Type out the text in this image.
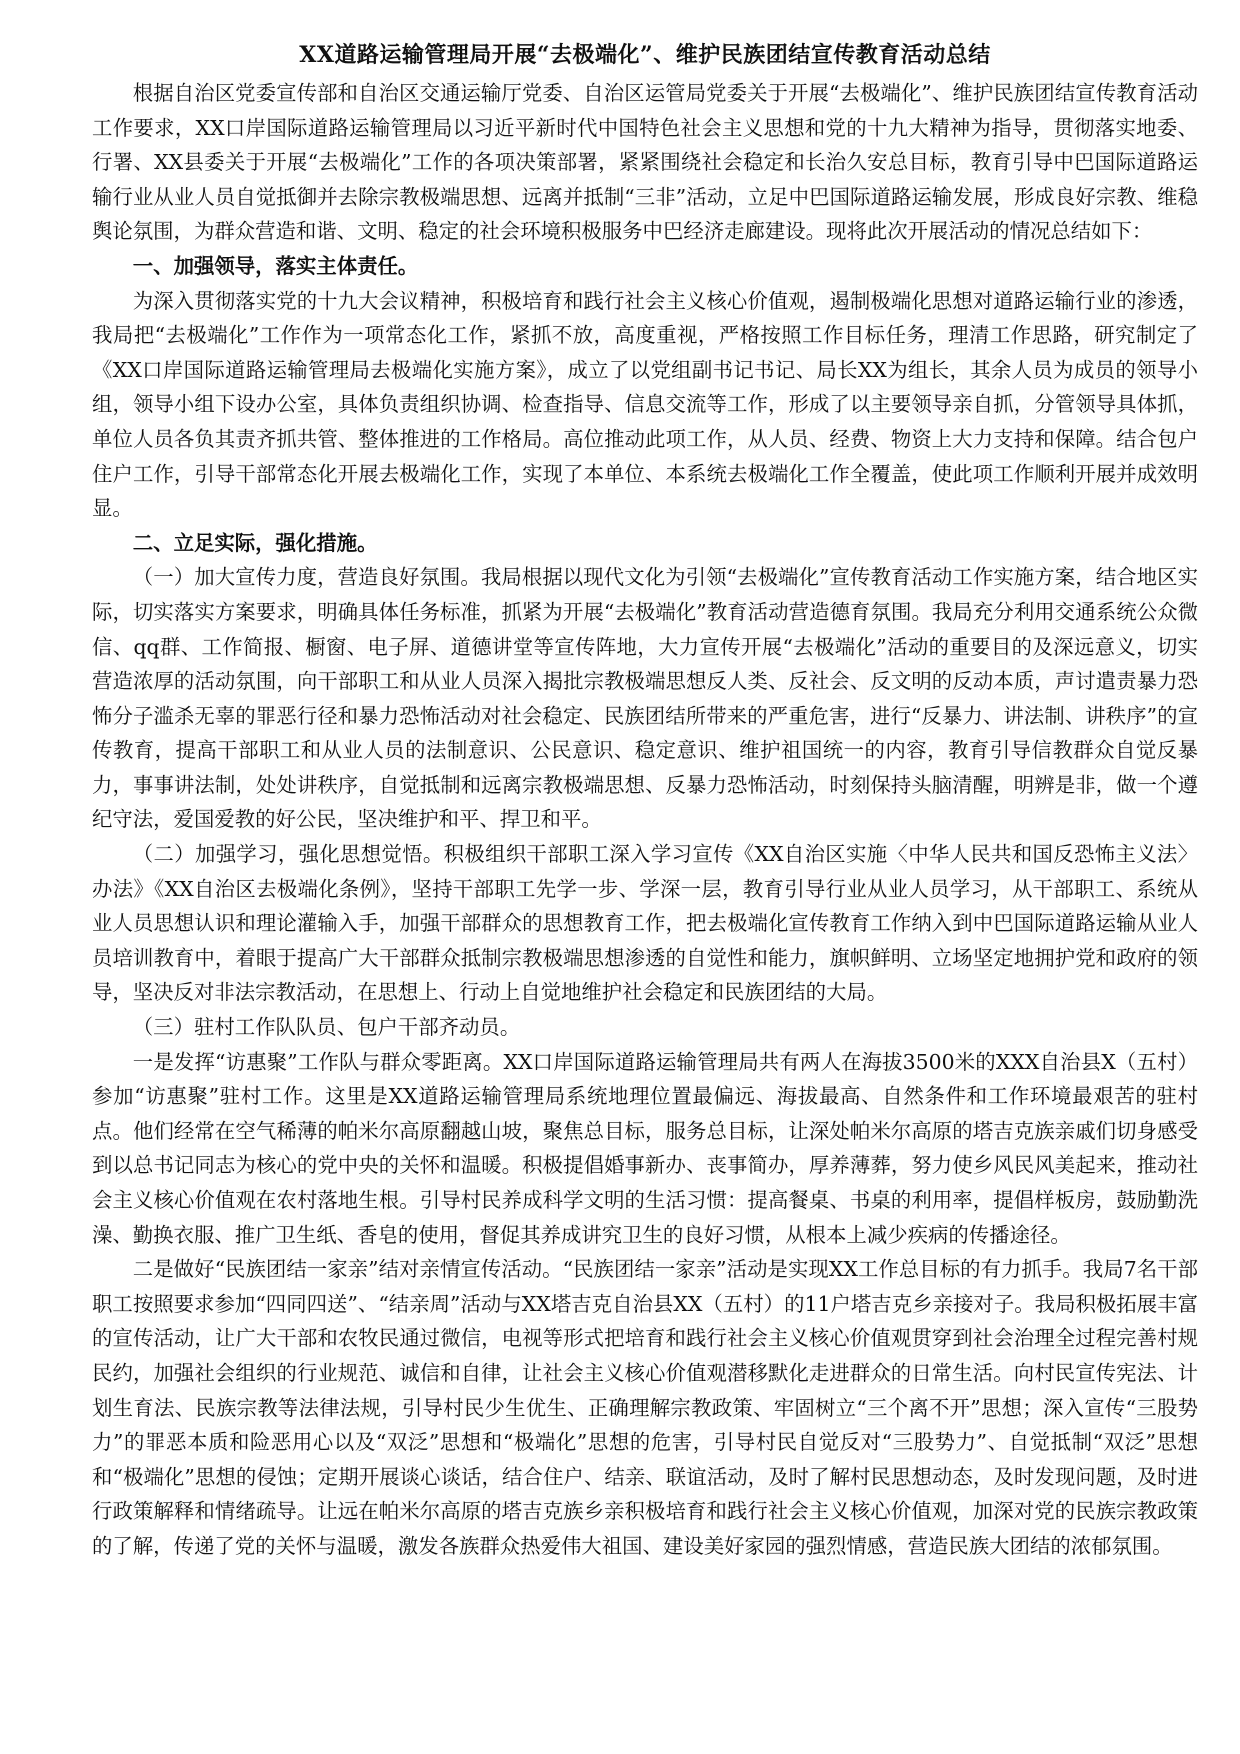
XX道路运输管理局开展“去极端化”、维护民族团结宣传教育活动总结

根据自治区党委宣传部和自治区交通运输厅党委、自治区运管局党委关于开展“去极端化”、维护民族团结宣传教育活动工作要求，XX口岸国际道路运输管理局以习近平新时代中国特色社会主义思想和党的十九大精神为指导，贯彻落实地委、行署、XX县委关于开展“去极端化”工作的各项决策部署，紧紧围绕社会稳定和长治久安总目标，教育引导中巴国际道路运输行业从业人员自觉抵御并去除宗教极端思想、远离并抵制“三非”活动，立足中巴国际道路运输发展，形成良好宗教、维稳舆论氛围，为群众营造和谐、文明、稳定的社会环境积极服务中巴经济走廊建设。现将此次开展活动的情况总结如下：

一、加强领导，落实主体责任。

为深入贯彻落实党的十九大会议精神，积极培育和践行社会主义核心价值观，遏制极端化思想对道路运输行业的渗透，我局把“去极端化”工作作为一项常态化工作，紧抓不放，高度重视，严格按照工作目标任务，理清工作思路，研究制定了《XX口岸国际道路运输管理局去极端化实施方案》，成立了以党组副书记书记、局长XX为组长，其余人员为成员的领导小组，领导小组下设办公室，具体负责组织协调、检查指导、信息交流等工作，形成了以主要领导亲自抓，分管领导具体抓，单位人员各负其责齐抓共管、整体推进的工作格局。高位推动此项工作，从人员、经费、物资上大力支持和保障。结合包户住户工作，引导干部常态化开展去极端化工作，实现了本单位、本系统去极端化工作全覆盖，使此项工作顺利开展并成效明显。

二、立足实际，强化措施。

（一）加大宣传力度，营造良好氛围。我局根据以现代文化为引领“去极端化”宣传教育活动工作实施方案，结合地区实际，切实落实方案要求，明确具体任务标准，抓紧为开展“去极端化”教育活动营造德育氛围。我局充分利用交通系统公众微信、qq群、工作简报、橱窗、电子屏、道德讲堂等宣传阵地，大力宣传开展“去极端化”活动的重要目的及深远意义，切实营造浓厚的活动氛围，向干部职工和从业人员深入揭批宗教极端思想反人类、反社会、反文明的反动本质，声讨遣责暴力恐怖分子滥杀无辜的罪恶行径和暴力恐怖活动对社会稳定、民族团结所带来的严重危害，进行“反暴力、讲法制、讲秩序”的宣传教育，提高干部职工和从业人员的法制意识、公民意识、稳定意识、维护祖国统一的内容，教育引导信教群众自觉反暴力，事事讲法制，处处讲秩序，自觉抵制和远离宗教极端思想、反暴力恐怖活动，时刻保持头脑清醒，明辨是非，做一个遵纪守法，爱国爱教的好公民，坚决维护和平、捍卫和平。

（二）加强学习，强化思想觉悟。积极组织干部职工深入学习宣传《XX自治区实施〈中华人民共和国反恐怖主义法〉办法》《XX自治区去极端化条例》，坚持干部职工先学一步、学深一层，教育引导行业从业人员学习，从干部职工、系统从业人员思想认识和理论灌输入手，加强干部群众的思想教育工作，把去极端化宣传教育工作纳入到中巴国际道路运输从业人员培训教育中，着眼于提高广大干部群众抵制宗教极端思想渗透的自觉性和能力，旗帜鲜明、立场坚定地拥护党和政府的领导，坚决反对非法宗教活动，在思想上、行动上自觉地维护社会稳定和民族团结的大局。

（三）驻村工作队队员、包户干部齐动员。

一是发挥“访惠聚”工作队与群众零距离。XX口岸国际道路运输管理局共有两人在海拔3500米的XXX自治县X（五村）参加“访惠聚”驻村工作。这里是XX道路运输管理局系统地理位置最偏远、海拔最高、自然条件和工作环境最艰苦的驻村点。他们经常在空气稀薄的帕米尔高原翻越山坡，聚焦总目标，服务总目标，让深处帕米尔高原的塔吉克族亲戚们切身感受到以总书记同志为核心的党中央的关怀和温暖。积极提倡婚事新办、丧事简办，厚养薄葬，努力使乡风民风美起来，推动社会主义核心价值观在农村落地生根。引导村民养成科学文明的生活习惯：提高餐桌、书桌的利用率，提倡样板房，鼓励勤洗澡、勤换衣服、推广卫生纸、香皂的使用，督促其养成讲究卫生的良好习惯，从根本上减少疾病的传播途径。

二是做好“民族团结一家亲”结对亲情宣传活动。“民族团结一家亲”活动是实现XX工作总目标的有力抓手。我局7名干部职工按照要求参加“四同四送”、“结亲周”活动与XX塔吉克自治县XX（五村）的11户塔吉克乡亲接对子。我局积极拓展丰富的宣传活动，让广大干部和农牧民通过微信，电视等形式把培育和践行社会主义核心价值观贯穿到社会治理全过程完善村规民约，加强社会组织的行业规范、诚信和自律，让社会主义核心价值观潜移默化走进群众的日常生活。向村民宣传宪法、计划生育法、民族宗教等法律法规，引导村民少生优生、正确理解宗教政策、牢固树立“三个离不开”思想；深入宣传“三股势力”的罪恶本质和险恶用心以及“双泛”思想和“极端化”思想的危害，引导村民自觉反对“三股势力”、自觉抵制“双泛”思想和“极端化”思想的侵蚀；定期开展谈心谈话，结合住户、结亲、联谊活动，及时了解村民思想动态，及时发现问题，及时进行政策解释和情绪疏导。让远在帕米尔高原的塔吉克族乡亲积极培育和践行社会主义核心价值观，加深对党的民族宗教政策的了解，传递了党的关怀与温暖，激发各族群众热爱伟大祖国、建设美好家园的强烈情感，营造民族大团结的浓郁氛围。
